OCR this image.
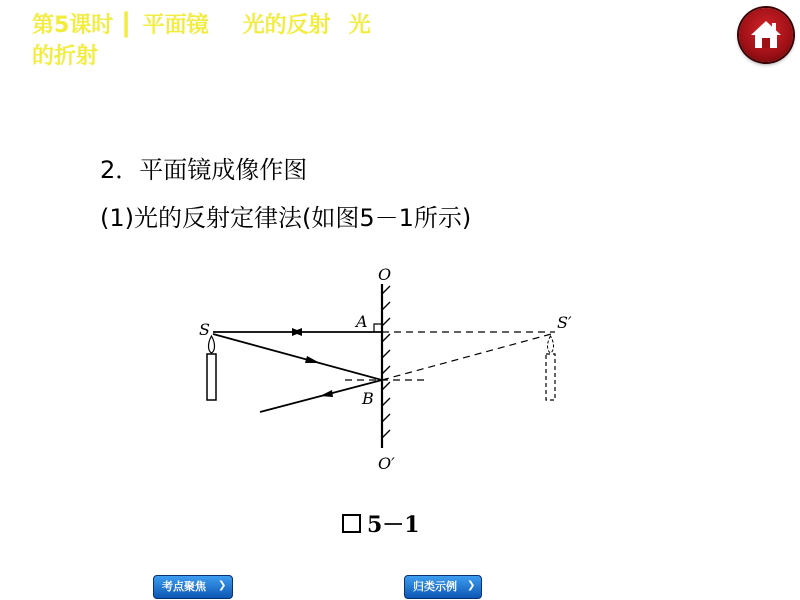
第5课时 ┃ 平面镜 光的反射 光
的折射
2．平面镜成像作图
(1)光的反射定律法(如图5－1所示)
O
O′
A
B
S	S′
5－1
考点聚焦 ❯	归类示例 ❯
